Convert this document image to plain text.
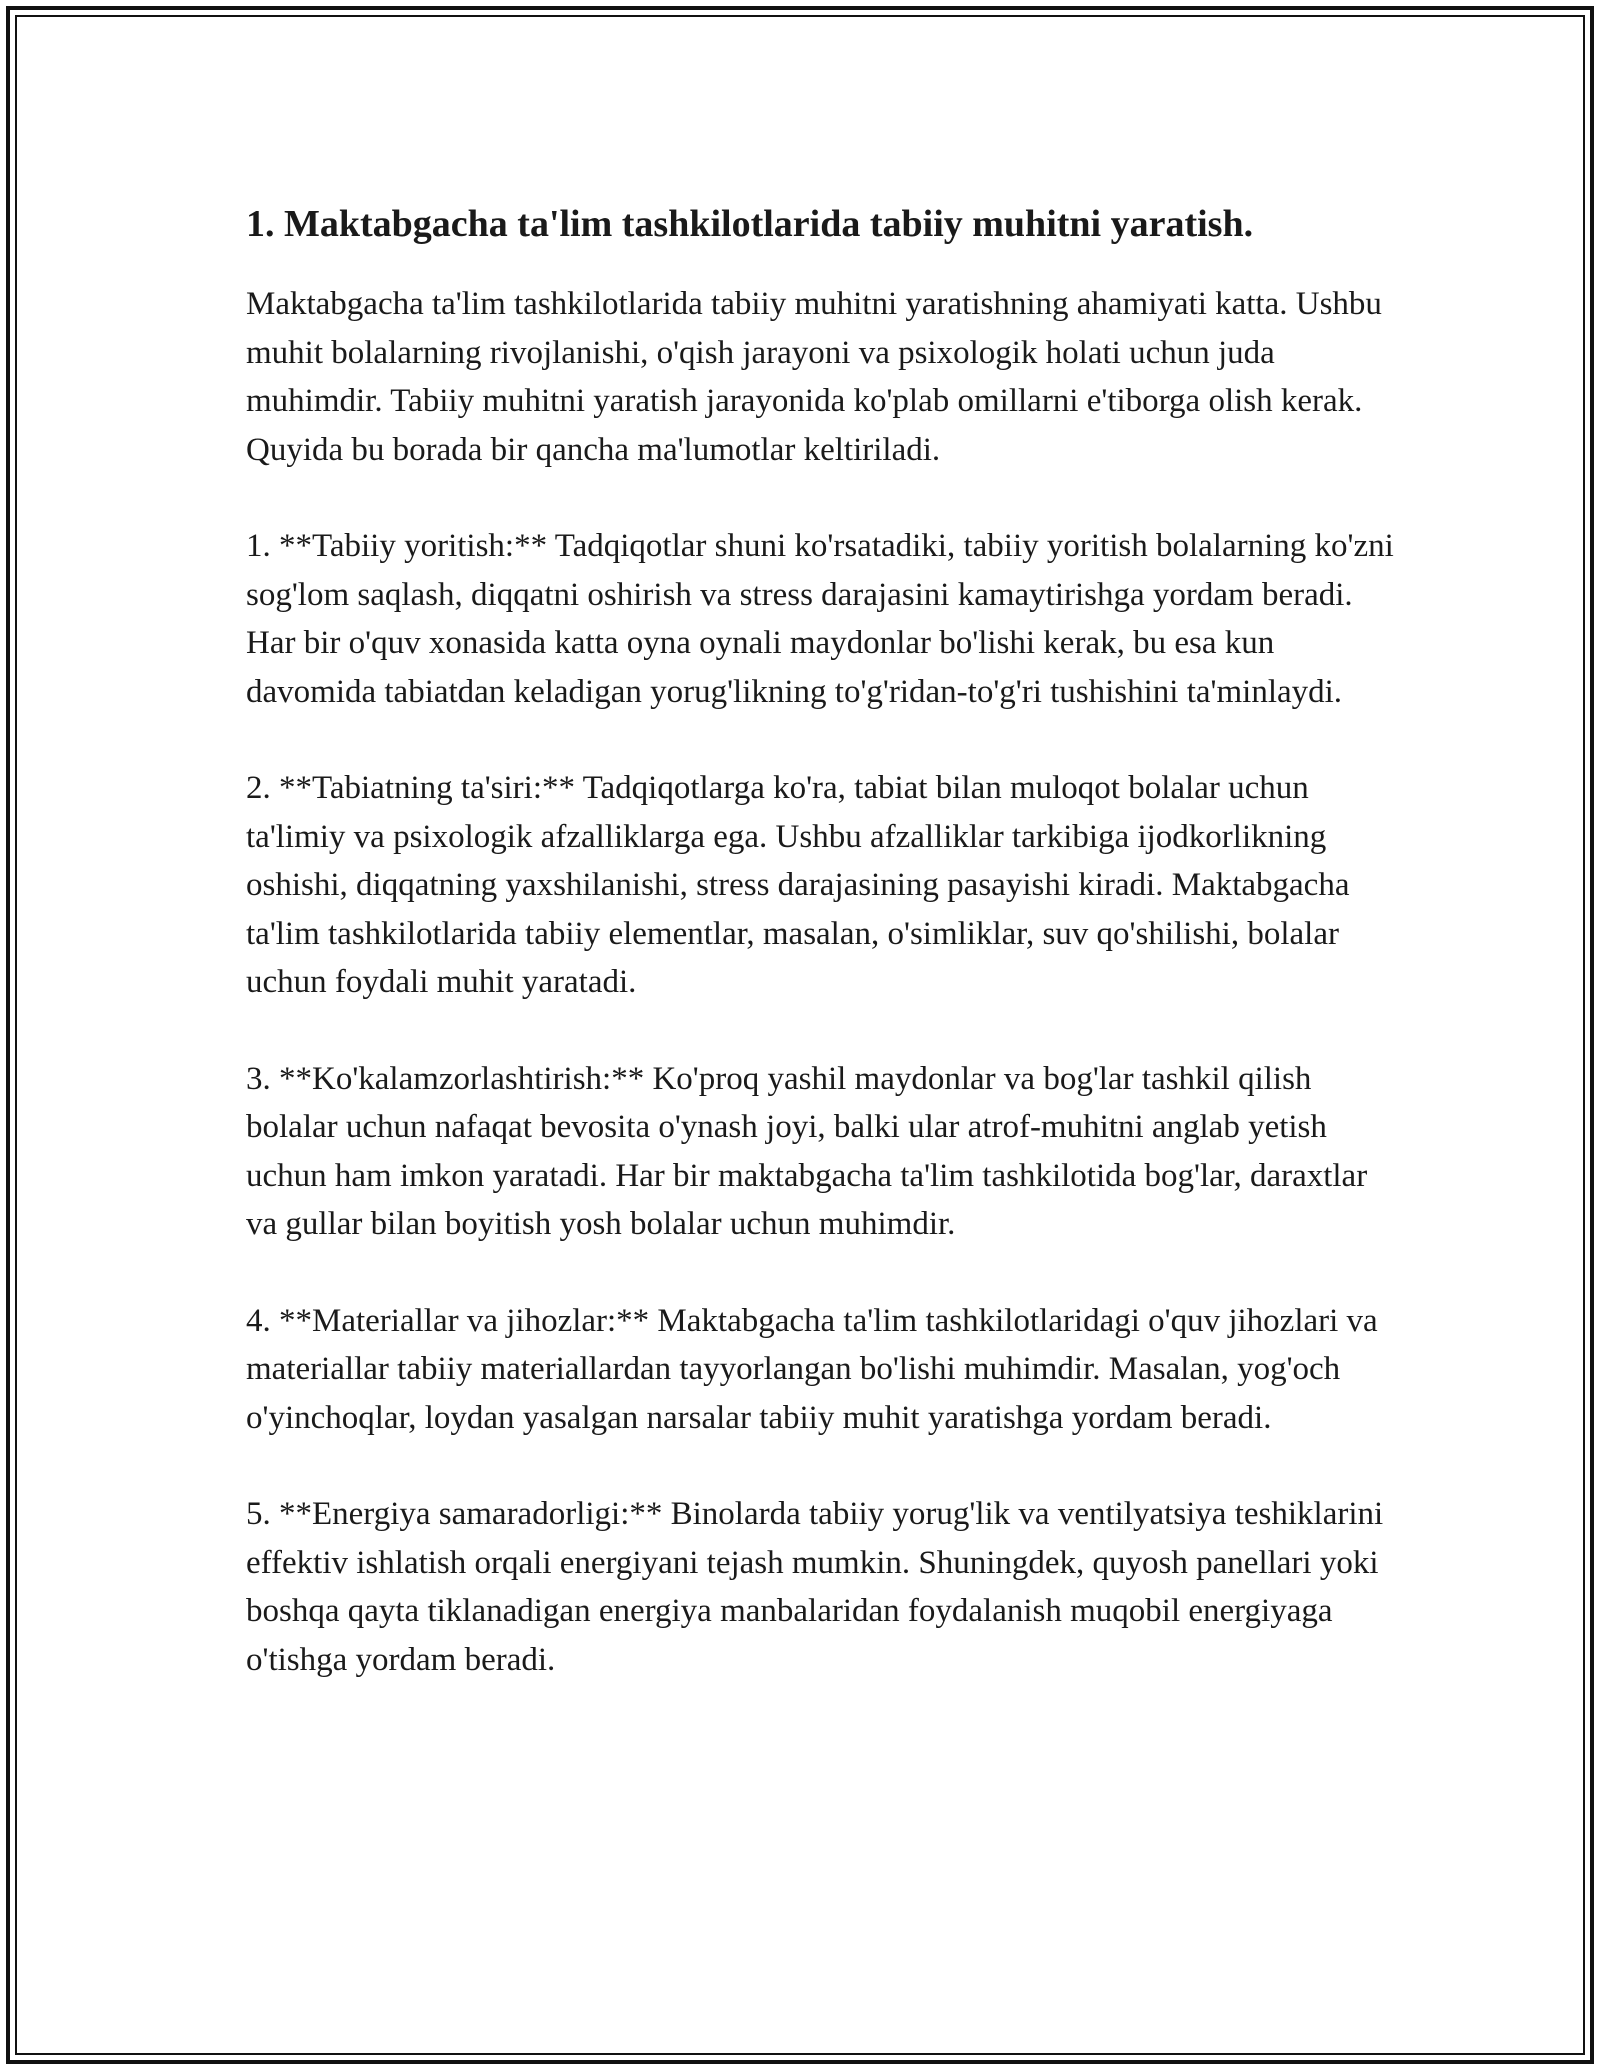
1. Maktabgacha ta'lim tashkilotlarida tabiiy muhitni yaratish.

Maktabgacha ta'lim tashkilotlarida tabiiy muhitni yaratishning ahamiyati katta. Ushbu muhit bolalarning rivojlanishi, o'qish jarayoni va psixologik holati uchun juda muhimdir. Tabiiy muhitni yaratish jarayonida ko'plab omillarni e'tiborga olish kerak. Quyida bu borada bir qancha ma'lumotlar keltiriladi.

1. **Tabiiy yoritish:** Tadqiqotlar shuni ko'rsatadiki, tabiiy yoritish bolalarning ko'zni sog'lom saqlash, diqqatni oshirish va stress darajasini kamaytirishga yordam beradi. Har bir o'quv xonasida katta oyna oynali maydonlar bo'lishi kerak, bu esa kun davomida tabiatdan keladigan yorug'likning to'g'ridan-to'g'ri tushishini ta'minlaydi.

2. **Tabiatning ta'siri:** Tadqiqotlarga ko'ra, tabiat bilan muloqot bolalar uchun ta'limiy va psixologik afzalliklarga ega. Ushbu afzalliklar tarkibiga ijodkorlikning oshishi, diqqatning yaxshilanishi, stress darajasining pasayishi kiradi. Maktabgacha ta'lim tashkilotlarida tabiiy elementlar, masalan, o'simliklar, suv qo'shilishi, bolalar uchun foydali muhit yaratadi.

3. **Ko'kalamzorlashtirish:** Ko'proq yashil maydonlar va bog'lar tashkil qilish bolalar uchun nafaqat bevosita o'ynash joyi, balki ular atrof-muhitni anglab yetish uchun ham imkon yaratadi. Har bir maktabgacha ta'lim tashkilotida bog'lar, daraxtlar va gullar bilan boyitish yosh bolalar uchun muhimdir.

4. **Materiallar va jihozlar:** Maktabgacha ta'lim tashkilotlaridagi o'quv jihozlari va materiallar tabiiy materiallardan tayyorlangan bo'lishi muhimdir. Masalan, yog'och o'yinchoqlar, loydan yasalgan narsalar tabiiy muhit yaratishga yordam beradi.

5. **Energiya samaradorligi:** Binolarda tabiiy yorug'lik va ventilyatsiya teshiklarini effektiv ishlatish orqali energiyani tejash mumkin. Shuningdek, quyosh panellari yoki boshqa qayta tiklanadigan energiya manbalaridan foydalanish muqobil energiyaga o'tishga yordam beradi.
